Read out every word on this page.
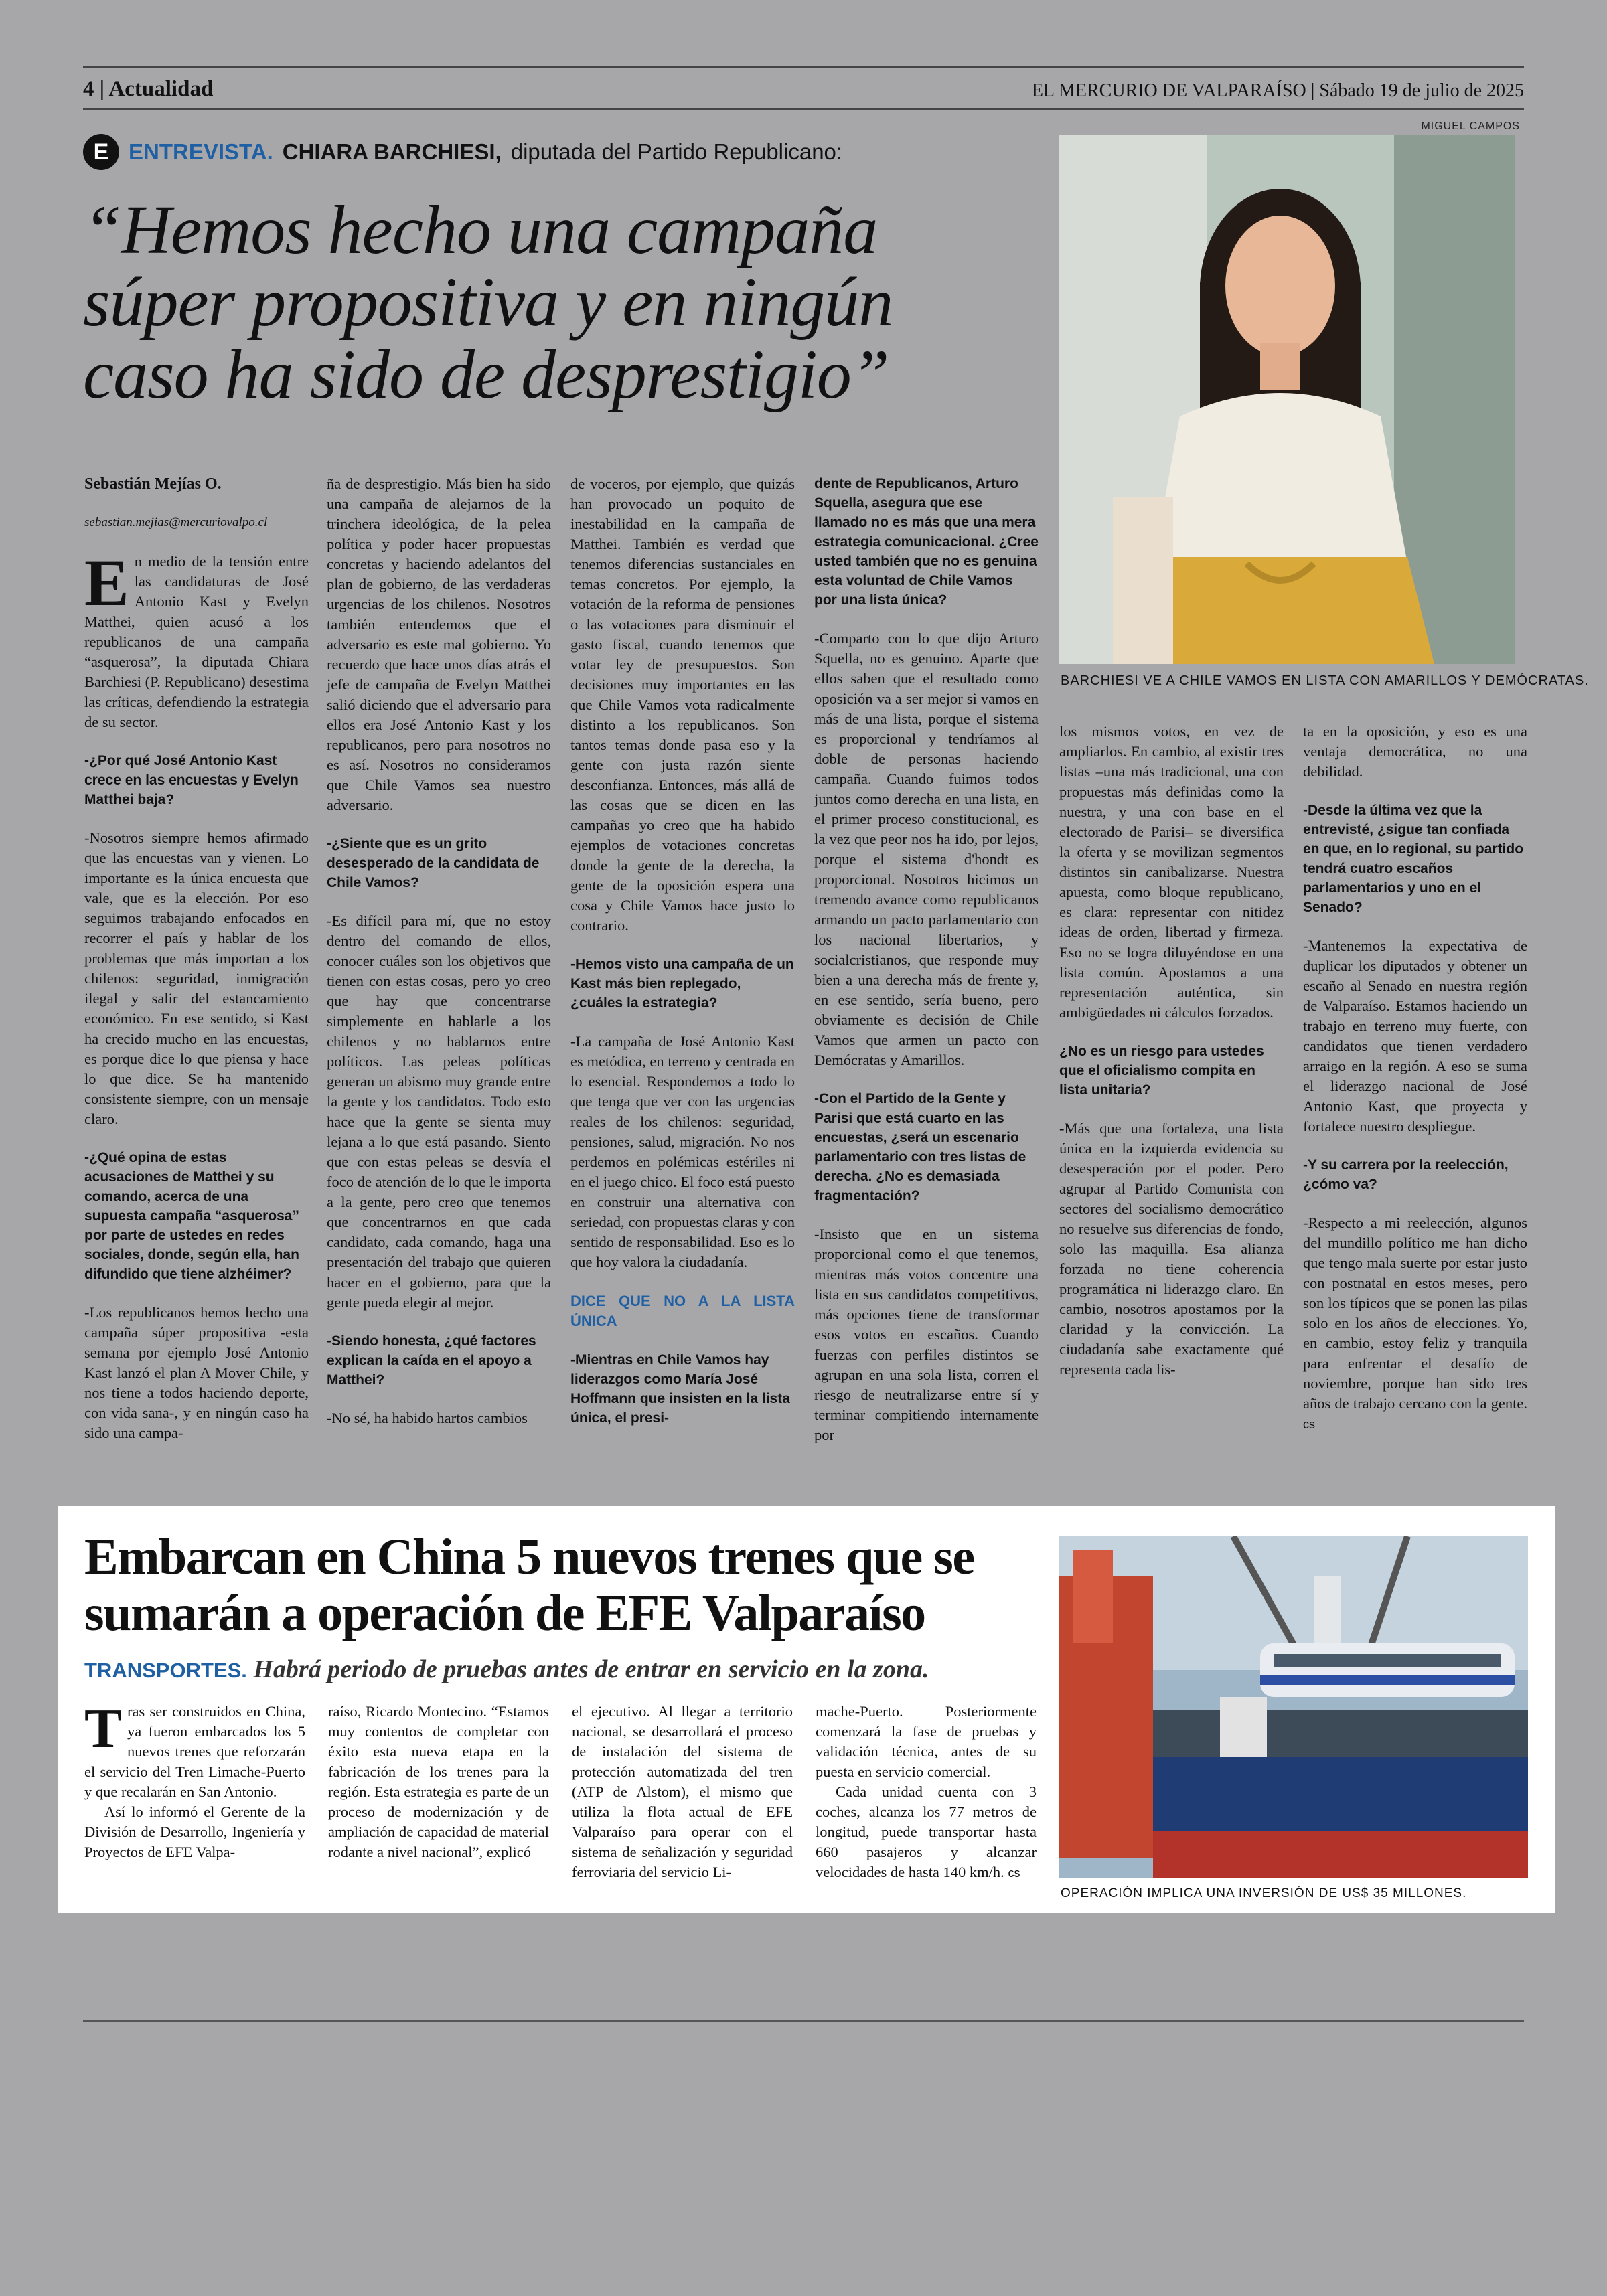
4 | Actualidad	EL MERCURIO DE VALPARAÍSO | Sábado 19 de julio de 2025
MIGUEL CAMPOS
E ENTREVISTA. CHIARA BARCHIESI, diputada del Partido Republicano:
“Hemos hecho una campaña súper propositiva y en ningún caso ha sido de desprestigio”
BARCHIESI VE A CHILE VAMOS EN LISTA CON AMARILLOS Y DEMÓCRATAS.

Sebastián Mejías O.

sebastian.mejias@mercuriovalpo.cl

En medio de la tensión entre las candidaturas de José Antonio Kast y Evelyn Matthei, quien acusó a los republicanos de una campaña “asquerosa”, la diputada Chiara Barchiesi (P. Republicano) desestima las críticas, defendiendo la estrategia de su sector.

-¿Por qué José Antonio Kast crece en las encuestas y Evelyn Matthei baja?

-Nosotros siempre hemos afirmado que las encuestas van y vienen. Lo importante es la única encuesta que vale, que es la elección. Por eso seguimos trabajando enfocados en recorrer el país y hablar de los problemas que más importan a los chilenos: seguridad, inmigración ilegal y salir del estancamiento económico. En ese sentido, si Kast ha crecido mucho en las encuestas, es porque dice lo que piensa y hace lo que dice. Se ha mantenido consistente siempre, con un mensaje claro.

-¿Qué opina de estas acusaciones de Matthei y su comando, acerca de una supuesta campaña “asquerosa” por parte de ustedes en redes sociales, donde, según ella, han difundido que tiene alzhéimer?

-Los republicanos hemos hecho una campaña súper propositiva -esta semana por ejemplo José Antonio Kast lanzó el plan A Mover Chile, y nos tiene a todos haciendo deporte, con vida sana-, y en ningún caso ha sido una campa-

ña de desprestigio. Más bien ha sido una campaña de alejarnos de la trinchera ideológica, de la pelea política y poder hacer propuestas concretas y haciendo adelantos del plan de gobierno, de las verdaderas urgencias de los chilenos. Nosotros también entendemos que el adversario es este mal gobierno. Yo recuerdo que hace unos días atrás el jefe de campaña de Evelyn Matthei salió diciendo que el adversario para ellos era José Antonio Kast y los republicanos, pero para nosotros no es así. Nosotros no consideramos que Chile Vamos sea nuestro adversario.

-¿Siente que es un grito desesperado de la candidata de Chile Vamos?

-Es difícil para mí, que no estoy dentro del comando de ellos, conocer cuáles son los objetivos que tienen con estas cosas, pero yo creo que hay que concentrarse simplemente en hablarle a los chilenos y no hablarnos entre políticos. Las peleas políticas generan un abismo muy grande entre la gente y los candidatos. Todo esto hace que la gente se sienta muy lejana a lo que está pasando. Siento que con estas peleas se desvía el foco de atención de lo que le importa a la gente, pero creo que tenemos que concentrarnos en que cada candidato, cada comando, haga una presentación del trabajo que quieren hacer en el gobierno, para que la gente pueda elegir al mejor.

-Siendo honesta, ¿qué factores explican la caída en el apoyo a Matthei?

-No sé, ha habido hartos cambios

de voceros, por ejemplo, que quizás han provocado un poquito de inestabilidad en la campaña de Matthei. También es verdad que tenemos diferencias sustanciales en temas concretos. Por ejemplo, la votación de la reforma de pensiones o las votaciones para disminuir el gasto fiscal, cuando tenemos que votar ley de presupuestos. Son decisiones muy importantes en las que Chile Vamos vota radicalmente distinto a los republicanos. Son tantos temas donde pasa eso y la gente con justa razón siente desconfianza. Entonces, más allá de las cosas que se dicen en las campañas yo creo que ha habido ejemplos de votaciones concretas donde la gente de la derecha, la gente de la oposición espera una cosa y Chile Vamos hace justo lo contrario.

-Hemos visto una campaña de un Kast más bien replegado, ¿cuáles la estrategia?

-La campaña de José Antonio Kast es metódica, en terreno y centrada en lo esencial. Respondemos a todo lo que tenga que ver con las urgencias reales de los chilenos: seguridad, pensiones, salud, migración. No nos perdemos en polémicas estériles ni en el juego chico. El foco está puesto en construir una alternativa con seriedad, con propuestas claras y con sentido de responsabilidad. Eso es lo que hoy valora la ciudadanía.

DICE QUE NO A LA LISTA ÚNICA

-Mientras en Chile Vamos hay liderazgos como María José Hoffmann que insisten en la lista única, el presi-

dente de Republicanos, Arturo Squella, asegura que ese llamado no es más que una mera estrategia comunicacional. ¿Cree usted también que no es genuina esta voluntad de Chile Vamos por una lista única?

-Comparto con lo que dijo Arturo Squella, no es genuino. Aparte que ellos saben que el resultado como oposición va a ser mejor si vamos en más de una lista, porque el sistema es proporcional y tendríamos al doble de personas haciendo campaña. Cuando fuimos todos juntos como derecha en una lista, en el primer proceso constitucional, es la vez que peor nos ha ido, por lejos, porque el sistema d'hondt es proporcional. Nosotros hicimos un tremendo avance como republicanos armando un pacto parlamentario con los nacional libertarios, y socialcristianos, que responde muy bien a una derecha más de frente y, en ese sentido, sería bueno, pero obviamente es decisión de Chile Vamos que armen un pacto con Demócratas y Amarillos.

-Con el Partido de la Gente y Parisi que está cuarto en las encuestas, ¿será un escenario parlamentario con tres listas de derecha. ¿No es demasiada fragmentación?

-Insisto que en un sistema proporcional como el que tenemos, mientras más votos concentre una lista en sus candidatos competitivos, más opciones tiene de transformar esos votos en escaños. Cuando fuerzas con perfiles distintos se agrupan en una sola lista, corren el riesgo de neutralizarse entre sí y terminar compitiendo internamente por

los mismos votos, en vez de ampliarlos. En cambio, al existir tres listas –una más tradicional, una con propuestas más definidas como la nuestra, y una con base en el electorado de Parisi– se diversifica la oferta y se movilizan segmentos distintos sin canibalizarse. Nuestra apuesta, como bloque republicano, es clara: representar con nitidez ideas de orden, libertad y firmeza. Eso no se logra diluyéndose en una lista común. Apostamos a una representación auténtica, sin ambigüedades ni cálculos forzados.

¿No es un riesgo para ustedes que el oficialismo compita en lista unitaria?

-Más que una fortaleza, una lista única en la izquierda evidencia su desesperación por el poder. Pero agrupar al Partido Comunista con sectores del socialismo democrático no resuelve sus diferencias de fondo, solo las maquilla. Esa alianza forzada no tiene coherencia programática ni liderazgo claro. En cambio, nosotros apostamos por la claridad y la convicción. La ciudadanía sabe exactamente qué representa cada lis-

ta en la oposición, y eso es una ventaja democrática, no una debilidad.

-Desde la última vez que la entrevisté, ¿sigue tan confiada en que, en lo regional, su partido tendrá cuatro escaños parlamentarios y uno en el Senado?

-Mantenemos la expectativa de duplicar los diputados y obtener un escaño al Senado en nuestra región de Valparaíso. Estamos haciendo un trabajo en terreno muy fuerte, con candidatos que tienen verdadero arraigo en la región. A eso se suma el liderazgo nacional de José Antonio Kast, que proyecta y fortalece nuestro despliegue.

-Y su carrera por la reelección, ¿cómo va?

-Respecto a mi reelección, algunos del mundillo político me han dicho que tengo mala suerte por estar justo con postnatal en estos meses, pero son los típicos que se ponen las pilas solo en los años de elecciones. Yo, en cambio, estoy feliz y tranquila para enfrentar el desafío de noviembre, porque han sido tres años de trabajo cercano con la gente. cs

Embarcan en China 5 nuevos trenes que se sumarán a operación de EFE Valparaíso
TRANSPORTES. Habrá periodo de pruebas antes de entrar en servicio en la zona.

Tras ser construidos en China, ya fueron embarcados los 5 nuevos trenes que reforzarán el servicio del Tren Limache-Puerto y que recalarán en San Antonio.

Así lo informó el Gerente de la División de Desarrollo, Ingeniería y Proyectos de EFE Valpa-

raíso, Ricardo Montecino. “Estamos muy contentos de completar con éxito esta nueva etapa en la fabricación de los trenes para la región. Esta estrategia es parte de un proceso de modernización y de ampliación de capacidad de material rodante a nivel nacional”, explicó

el ejecutivo. Al llegar a territorio nacional, se desarrollará el proceso de instalación del sistema de protección automatizada del tren (ATP de Alstom), el mismo que utiliza la flota actual de EFE Valparaíso para operar con el sistema de señalización y seguridad ferroviaria del servicio Li-

mache-Puerto. Posteriormente comenzará la fase de pruebas y validación técnica, antes de su puesta en servicio comercial.

Cada unidad cuenta con 3 coches, alcanza los 77 metros de longitud, puede transportar hasta 660 pasajeros y alcanzar velocidades de hasta 140 km/h. cs

OPERACIÓN IMPLICA UNA INVERSIÓN DE US$ 35 MILLONES.
